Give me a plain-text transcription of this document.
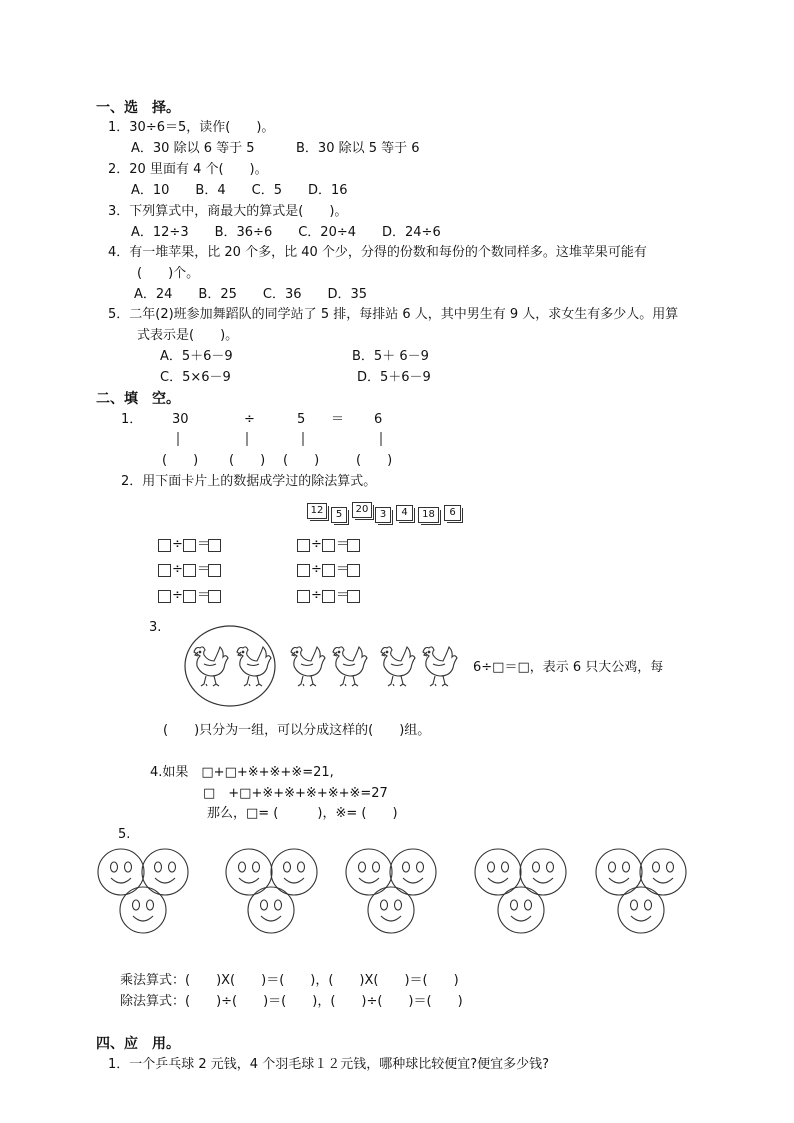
一、选　择。
1．30÷6＝5，读作(　　)。
A．30 除以 6 等于 5	B．30 除以 5 等于 6
2．20 里面有 4 个(　　)。
A．10　　B．4　　C．5　　D．16
3．下列算式中，商最大的算式是(　　)。
A．12÷3　　B．36÷6　　C．20÷4　　D．24÷6
4．有一堆苹果，比 20 个多，比 40 个少，分得的份数和每份的个数同样多。这堆苹果可能有
(　　)个。
A．24　　B．25　　C．36　　D．35
5．二年(2)班参加舞蹈队的同学站了 5 排，每排站 6 人，其中男生有 9 人，求女生有多少人。用算
式表示是(　　)。
A．5＋6－9	B．5＋ 6－9
C．5×6－9	D．5＋6－9
二、填　空。
1． 30	÷	5 ＝ 6
(　　) (　　) (　　)	(　　)
2．用下面卡片上的数据成学过的除法算式。
12	5	20	3	4	18	6
÷ ＝	÷ ＝
÷ ＝	÷ ＝
÷ ＝	÷ ＝
3.
6÷□＝□，表示 6 只大公鸡，每
(　　)只分为一组，可以分成这样的(　　)组。
4.如果　□+□+※+※+※=21,
□　+□+※+※+※+※+※=27
那么，□= (　　　)，※= (　　)
5.
乘法算式：(　　)X(　　)＝(　　)，(　　)X(　　)＝(　　)
除法算式：(　　)÷(　　)＝(　　)，(　　)÷(　　)＝(　　)
四、应　用。
1．一个乒乓球 2 元钱，4 个羽毛球１２元钱，哪种球比较便宜?便宜多少钱?
